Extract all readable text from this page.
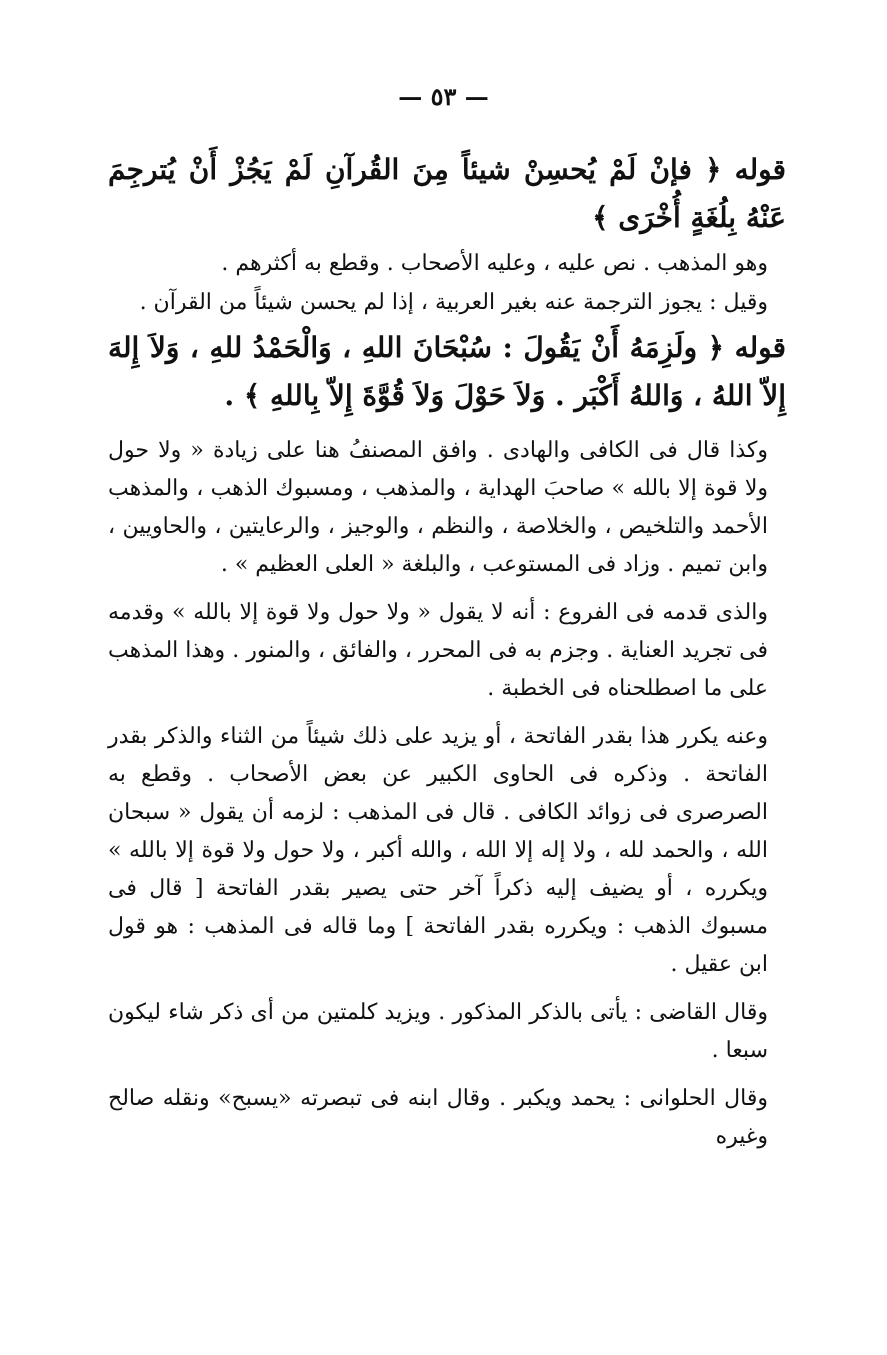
— ٥٣ —

قوله ﴿ فإنْ لَمْ يُحسِنْ شيئاً مِنَ القُرآنِ لَمْ يَجُزْ أَنْ يُترجِمَ عَنْهُ بِلُغَةٍ أُخْرَى ﴾

وهو المذهب . نص عليه ، وعليه الأصحاب . وقطع به أكثرهم .

وقيل : يجوز الترجمة عنه بغير العربية ، إذا لم يحسن شيئاً من القرآن .

قوله ﴿ ولَزِمَهُ أَنْ يَقُولَ : سُبْحَانَ اللهِ ، وَالْحَمْدُ للهِ ، وَلاَ إِلهَ إِلاّ اللهُ ، وَاللهُ أَكْبَر . وَلاَ حَوْلَ وَلاَ قُوَّةَ إِلاّ بِاللهِ ﴾ .

وكذا قال فى الكافى والهادى . وافق المصنفُ هنا على زيادة « ولا حول ولا قوة إلا بالله » صاحبَ الهداية ، والمذهب ، ومسبوك الذهب ، والمذهب الأحمد والتلخيص ، والخلاصة ، والنظم ، والوجيز ، والرعايتين ، والحاويين ، وابن تميم . وزاد فى المستوعب ، والبلغة « العلى العظيم » .

والذى قدمه فى الفروع : أنه لا يقول « ولا حول ولا قوة إلا بالله » وقدمه فى تجريد العناية . وجزم به فى المحرر ، والفائق ، والمنور . وهذا المذهب على ما اصطلحناه فى الخطبة .

وعنه يكرر هذا بقدر الفاتحة ، أو يزيد على ذلك شيئاً من الثناء والذكر بقدر الفاتحة . وذكره فى الحاوى الكبير عن بعض الأصحاب . وقطع به الصرصرى فى زوائد الكافى . قال فى المذهب : لزمه أن يقول « سبحان الله ، والحمد لله ، ولا إله إلا الله ، والله أكبر ، ولا حول ولا قوة إلا بالله » ويكرره ، أو يضيف إليه ذكراً آخر حتى يصير بقدر الفاتحة [ قال فى مسبوك الذهب : ويكرره بقدر الفاتحة ] وما قاله فى المذهب : هو قول ابن عقيل .

وقال القاضى : يأتى بالذكر المذكور . ويزيد كلمتين من أى ذكر شاء ليكون سبعا .

وقال الحلوانى : يحمد ويكبر . وقال ابنه فى تبصرته «يسبح» ونقله صالح وغيره
